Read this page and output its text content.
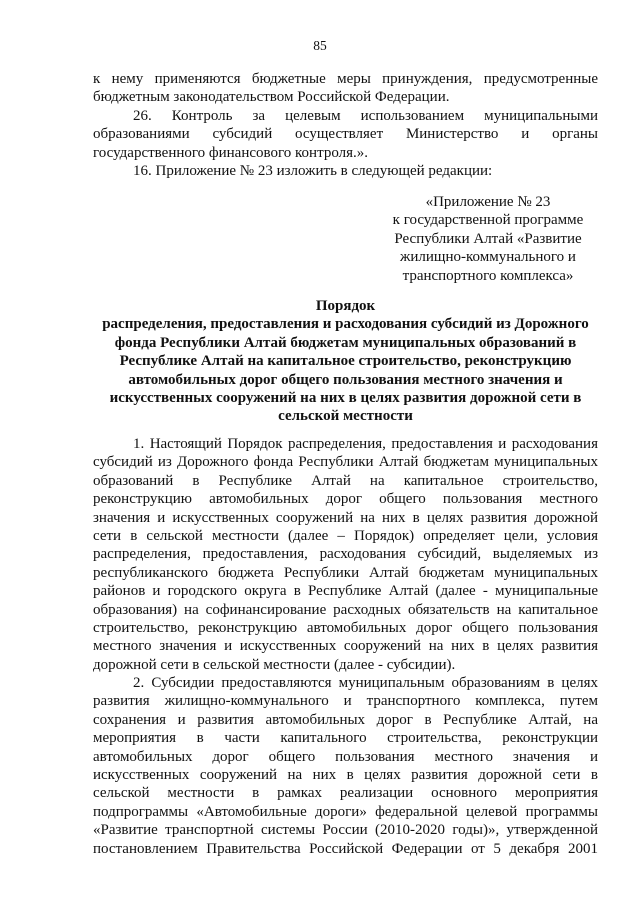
85

к нему применяются бюджетные меры принуждения, предусмотренные

бюджетным законодательством Российской Федерации.

26. Контроль за целевым использованием муниципальными

образованиями субсидий осуществляет Министерство и органы

государственного финансового контроля.».

16. Приложение № 23 изложить в следующей редакции:

«Приложение № 23

к государственной программе

Республики Алтай «Развитие

жилищно-коммунального и

транспортного комплекса»

Порядок

распределения, предоставления и расходования субсидий из Дорожного

фонда Республики Алтай бюджетам муниципальных образований в

Республике Алтай на капитальное строительство, реконструкцию

автомобильных дорог общего пользования местного значения и

искусственных сооружений на них в целях развития дорожной сети в

сельской местности

1. Настоящий Порядок распределения, предоставления и расходования

субсидий из Дорожного фонда Республики Алтай бюджетам муниципальных

образований в Республике Алтай на капитальное строительство,

реконструкцию автомобильных дорог общего пользования местного

значения и искусственных сооружений на них в целях развития дорожной

сети в сельской местности (далее – Порядок) определяет цели, условия

распределения, предоставления, расходования субсидий, выделяемых из

республиканского бюджета Республики Алтай бюджетам муниципальных

районов и городского округа в Республике Алтай (далее - муниципальные

образования) на софинансирование расходных обязательств на капитальное

строительство, реконструкцию автомобильных дорог общего пользования

местного значения и искусственных сооружений на них в целях развития

дорожной сети в сельской местности (далее - субсидии).

2. Субсидии предоставляются муниципальным образованиям в целях

развития жилищно-коммунального и транспортного комплекса, путем

сохранения и развития автомобильных дорог в Республике Алтай, на

мероприятия в части капитального строительства, реконструкции

автомобильных дорог общего пользования местного значения и

искусственных сооружений на них в целях развития дорожной сети в

сельской местности в рамках реализации основного мероприятия

подпрограммы «Автомобильные дороги» федеральной целевой программы

«Развитие транспортной системы России (2010-2020 годы)», утвержденной

постановлением Правительства Российской Федерации от 5 декабря 2001
